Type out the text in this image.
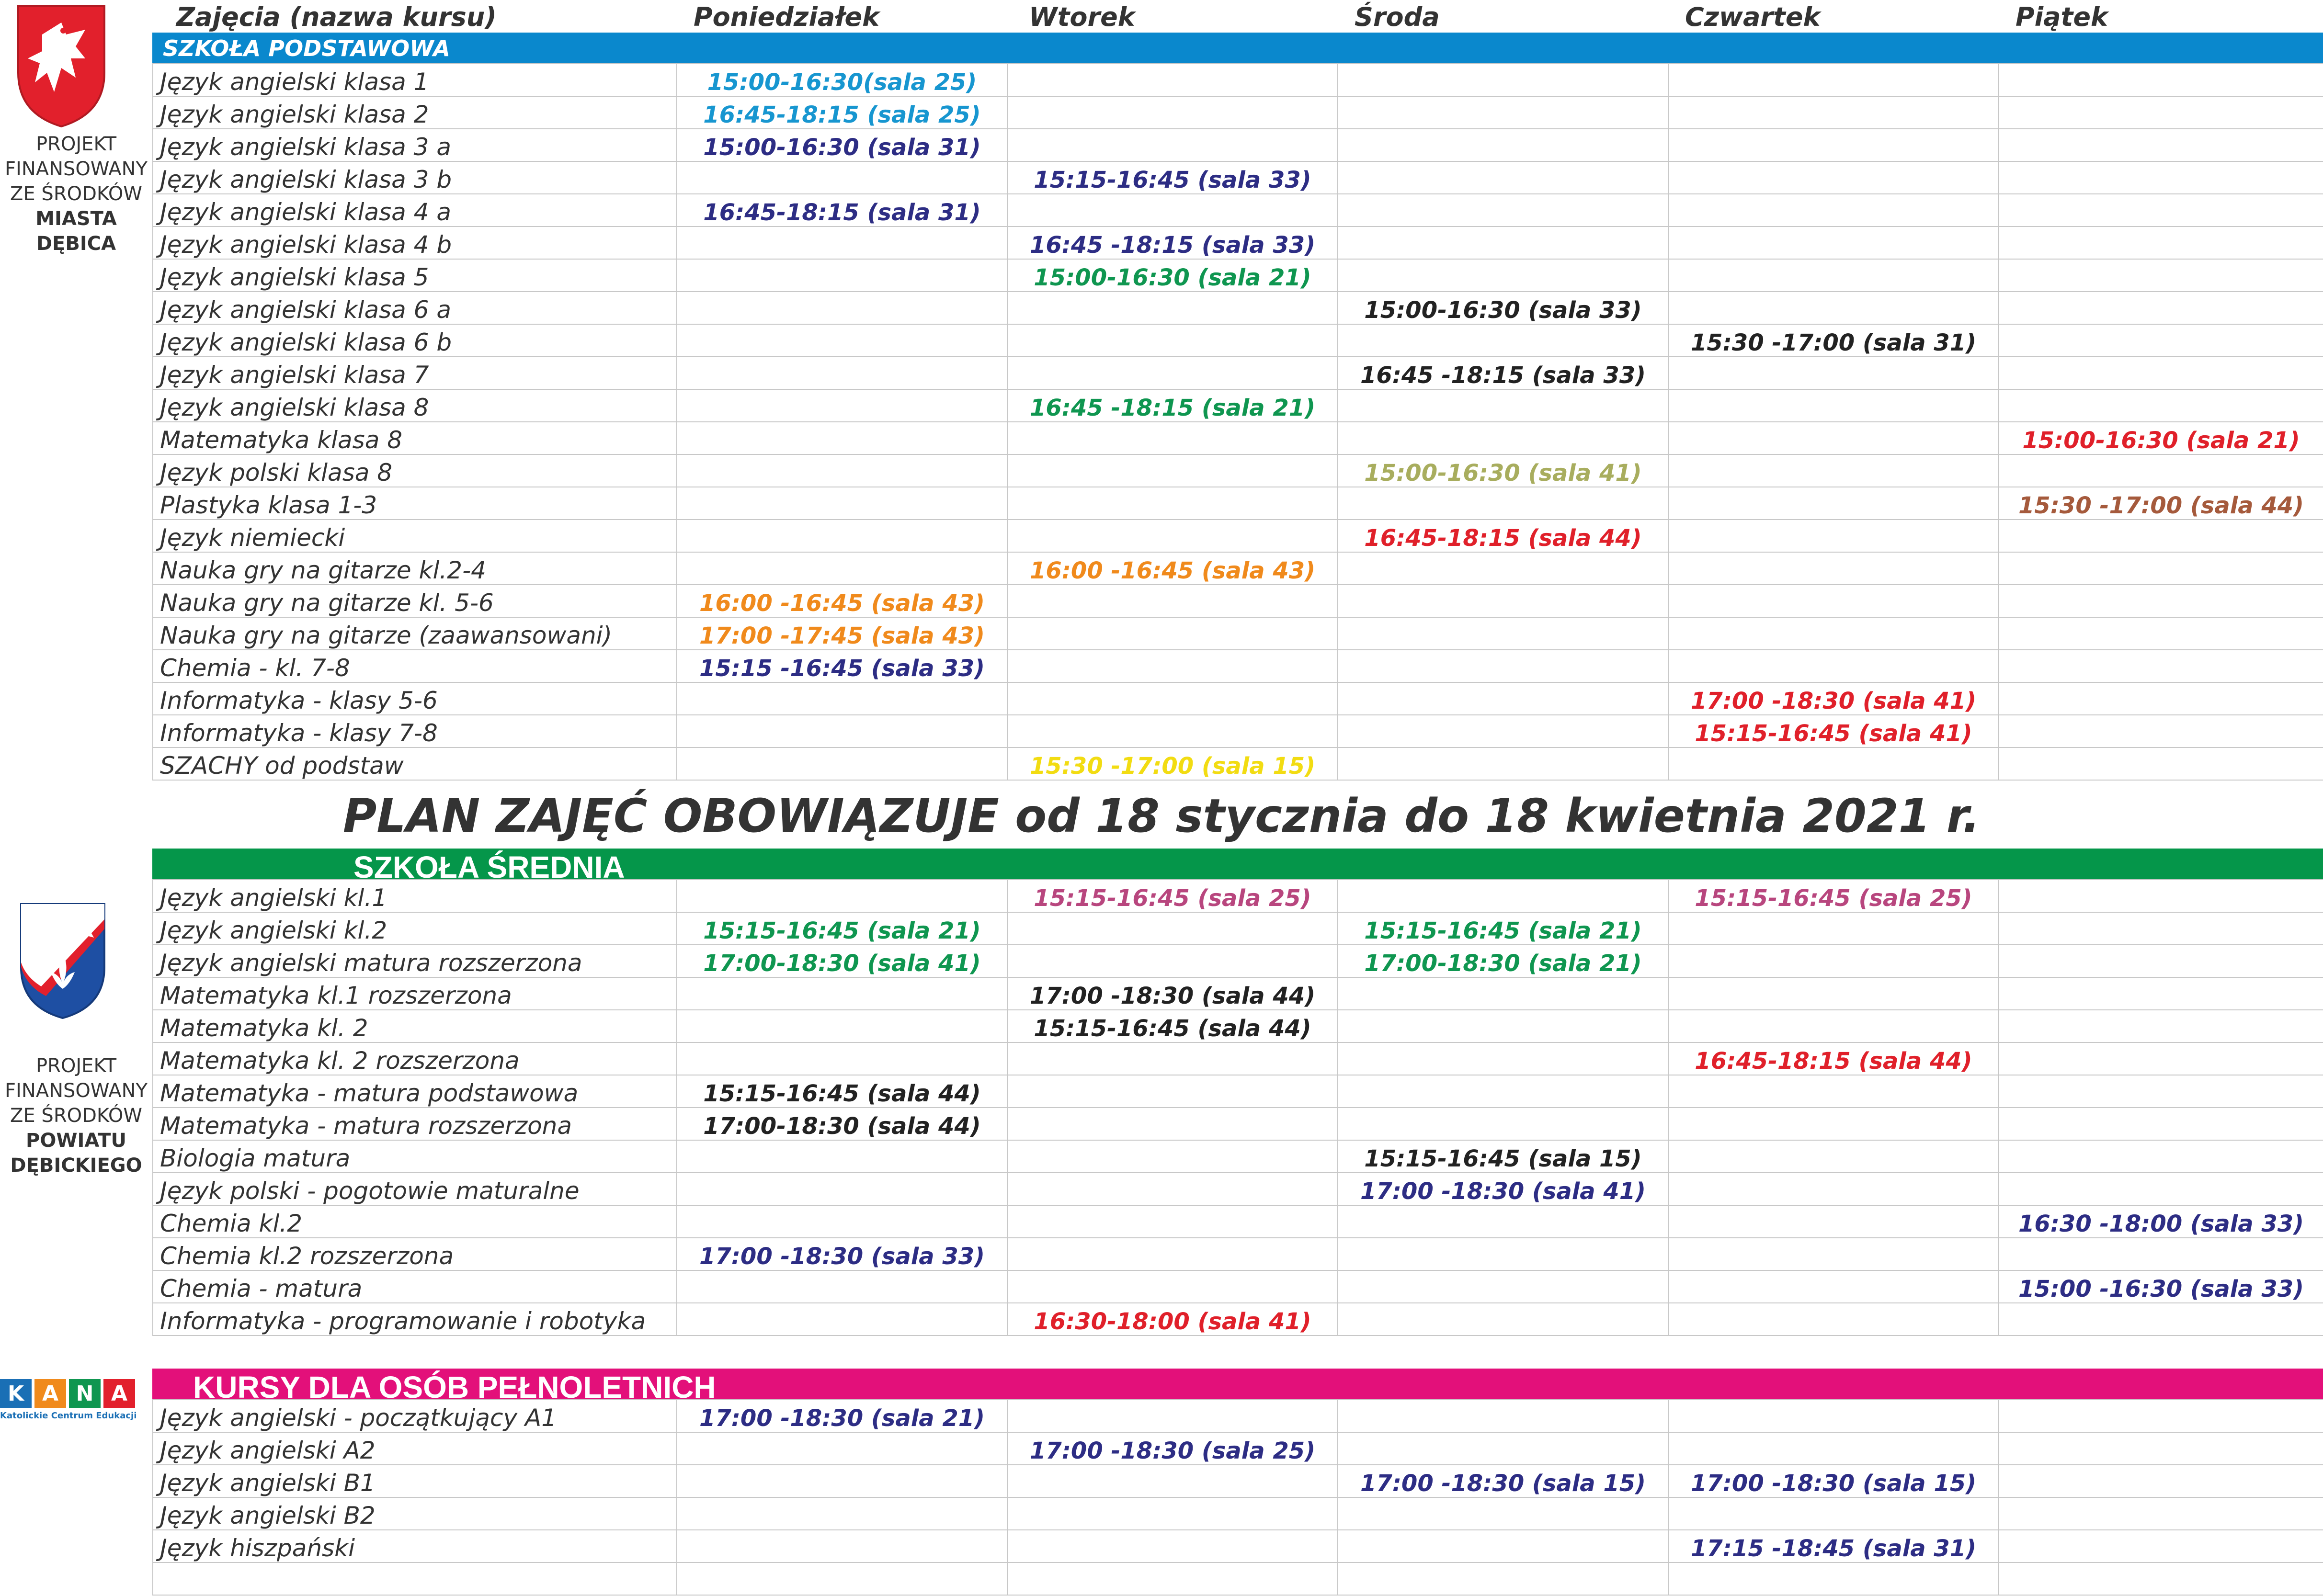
PROJEKT
FINANSOWANY
ZE ŚRODKÓW
MIASTA
DĘBICA
PROJEKT
FINANSOWANY
ZE ŚRODKÓW
POWIATU
DĘBICKIEGO
K A N A
Katolickie Centrum Edukacji
Zajęcia (nazwa kursu)	Poniedziałek	Wtorek	Środa	Czwartek	Piątek
SZKOŁA PODSTAWOWA
Język angielski klasa 1	15:00-16:30(sala 25)				
Język angielski klasa 2	16:45-18:15 (sala 25)				
Język angielski klasa 3 a	15:00-16:30 (sala 31)				
Język angielski klasa 3 b		15:15-16:45 (sala 33)			
Język angielski klasa 4 a	16:45-18:15 (sala 31)				
Język angielski klasa 4 b		16:45 -18:15 (sala 33)			
Język angielski klasa 5		15:00-16:30 (sala 21)			
Język angielski klasa 6 a			15:00-16:30 (sala 33)		
Język angielski klasa 6 b				15:30 -17:00 (sala 31)	
Język angielski klasa 7			16:45 -18:15 (sala 33)		
Język angielski klasa 8		16:45 -18:15 (sala 21)			
Matematyka klasa 8					15:00-16:30 (sala 21)
Język polski klasa 8			15:00-16:30 (sala 41)		
Plastyka klasa 1-3					15:30 -17:00 (sala 44)
Język niemiecki			16:45-18:15 (sala 44)		
Nauka gry na gitarze kl.2-4		16:00 -16:45 (sala 43)			
Nauka gry na gitarze kl. 5-6	16:00 -16:45 (sala 43)				
Nauka gry na gitarze (zaawansowani)	17:00 -17:45 (sala 43)				
Chemia - kl. 7-8	15:15 -16:45 (sala 33)				
Informatyka - klasy 5-6				17:00 -18:30 (sala 41)	
Informatyka - klasy 7-8				15:15-16:45 (sala 41)	
SZACHY od podstaw		15:30 -17:00 (sala 15)			
PLAN ZAJĘĆ OBOWIĄZUJE od 18 stycznia do 18 kwietnia 2021 r.
SZKOŁA ŚREDNIA
Język angielski kl.1		15:15-16:45 (sala 25)		15:15-16:45 (sala 25)	
Język angielski kl.2	15:15-16:45 (sala 21)		15:15-16:45 (sala 21)		
Język angielski matura rozszerzona	17:00-18:30 (sala 41)		17:00-18:30 (sala 21)		
Matematyka kl.1 rozszerzona		17:00 -18:30 (sala 44)			
Matematyka kl. 2		15:15-16:45 (sala 44)			
Matematyka kl. 2 rozszerzona				16:45-18:15 (sala 44)	
Matematyka - matura podstawowa	15:15-16:45 (sala 44)				
Matematyka - matura rozszerzona	17:00-18:30 (sala 44)				
Biologia matura			15:15-16:45 (sala 15)		
Język polski - pogotowie maturalne			17:00 -18:30 (sala 41)		
Chemia kl.2					16:30 -18:00 (sala 33)
Chemia kl.2 rozszerzona	17:00 -18:30 (sala 33)				
Chemia - matura					15:00 -16:30 (sala 33)
Informatyka - programowanie i robotyka		16:30-18:00 (sala 41)			
KURSY DLA OSÓB PEŁNOLETNICH
Język angielski - początkujący A1	17:00 -18:30 (sala 21)				
Język angielski A2		17:00 -18:30 (sala 25)			
Język angielski B1			17:00 -18:30 (sala 15)	17:00 -18:30 (sala 15)	
Język angielski B2					
Język hiszpański				17:15 -18:45 (sala 31)	
